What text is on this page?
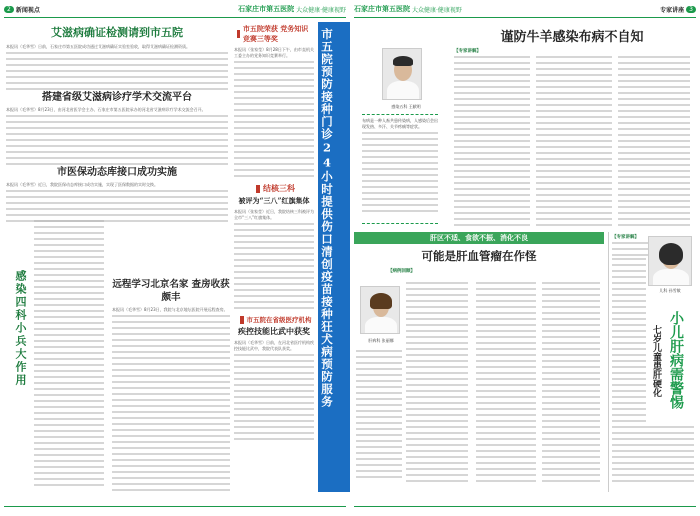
2 新闻视点	石家庄市第五医院 大众健康·健康视野
艾滋病确证检测请到市五院
本报讯（毛华雪）日前，石家庄市第五医院成功通过艾滋病确证实验室验收，取得艾滋病确证检测资质。
搭建省级艾滋病诊疗学术交流平台
本报讯（毛华雪）8月23日，由河北省医学会主办、石家庄市第五医院承办的河北省艾滋病诊疗学术交流会召开。
市医保动态库接口成功实施
本报讯（毛华雪）近日，我院医保动态库接口成功实施，实现了医保数据的实时交换。
感染四科小兵大作用	远程学习北京名家 查房收获颇丰
本报讯（毛华雪）8月23日，我院与北京地坛医院开展远程查房。
市五院荣获 党务知识竞赛三等奖
本报讯（张家莹）8月28日下午，由市直机关工委主办的党务知识竞赛举行。
结核三科
被评为“三八”红旗集体
本报讯（张家莹）近日，我院结核三科被评为全市“三八”红旗集体。
市五院在省级医疗机构
疾控技能比武中获奖
本报讯（毛华雪）日前，在河北省医疗机构疾控技能比武中，我院代表队获奖。	市五院预防接种门诊24小时提供伤口清创疫苗接种狂犬病预防服务
石家庄市第五医院 大众健康·健康视野	专家讲座 3
感染五科 王献明
布病是一种人畜共患传染病，人感染后会出现发热、多汗、关节疼痛等症状。
谨防牛羊感染布病不自知
【专家讲解】
肝区不适、食欲不振、消化不良
可能是肝血管瘤在作怪
【病例回顾】
肝病科 张丽娜
【专家讲解】
儿科 孙雪敏
小儿肝病需警惕
七岁儿童患肝硬化
